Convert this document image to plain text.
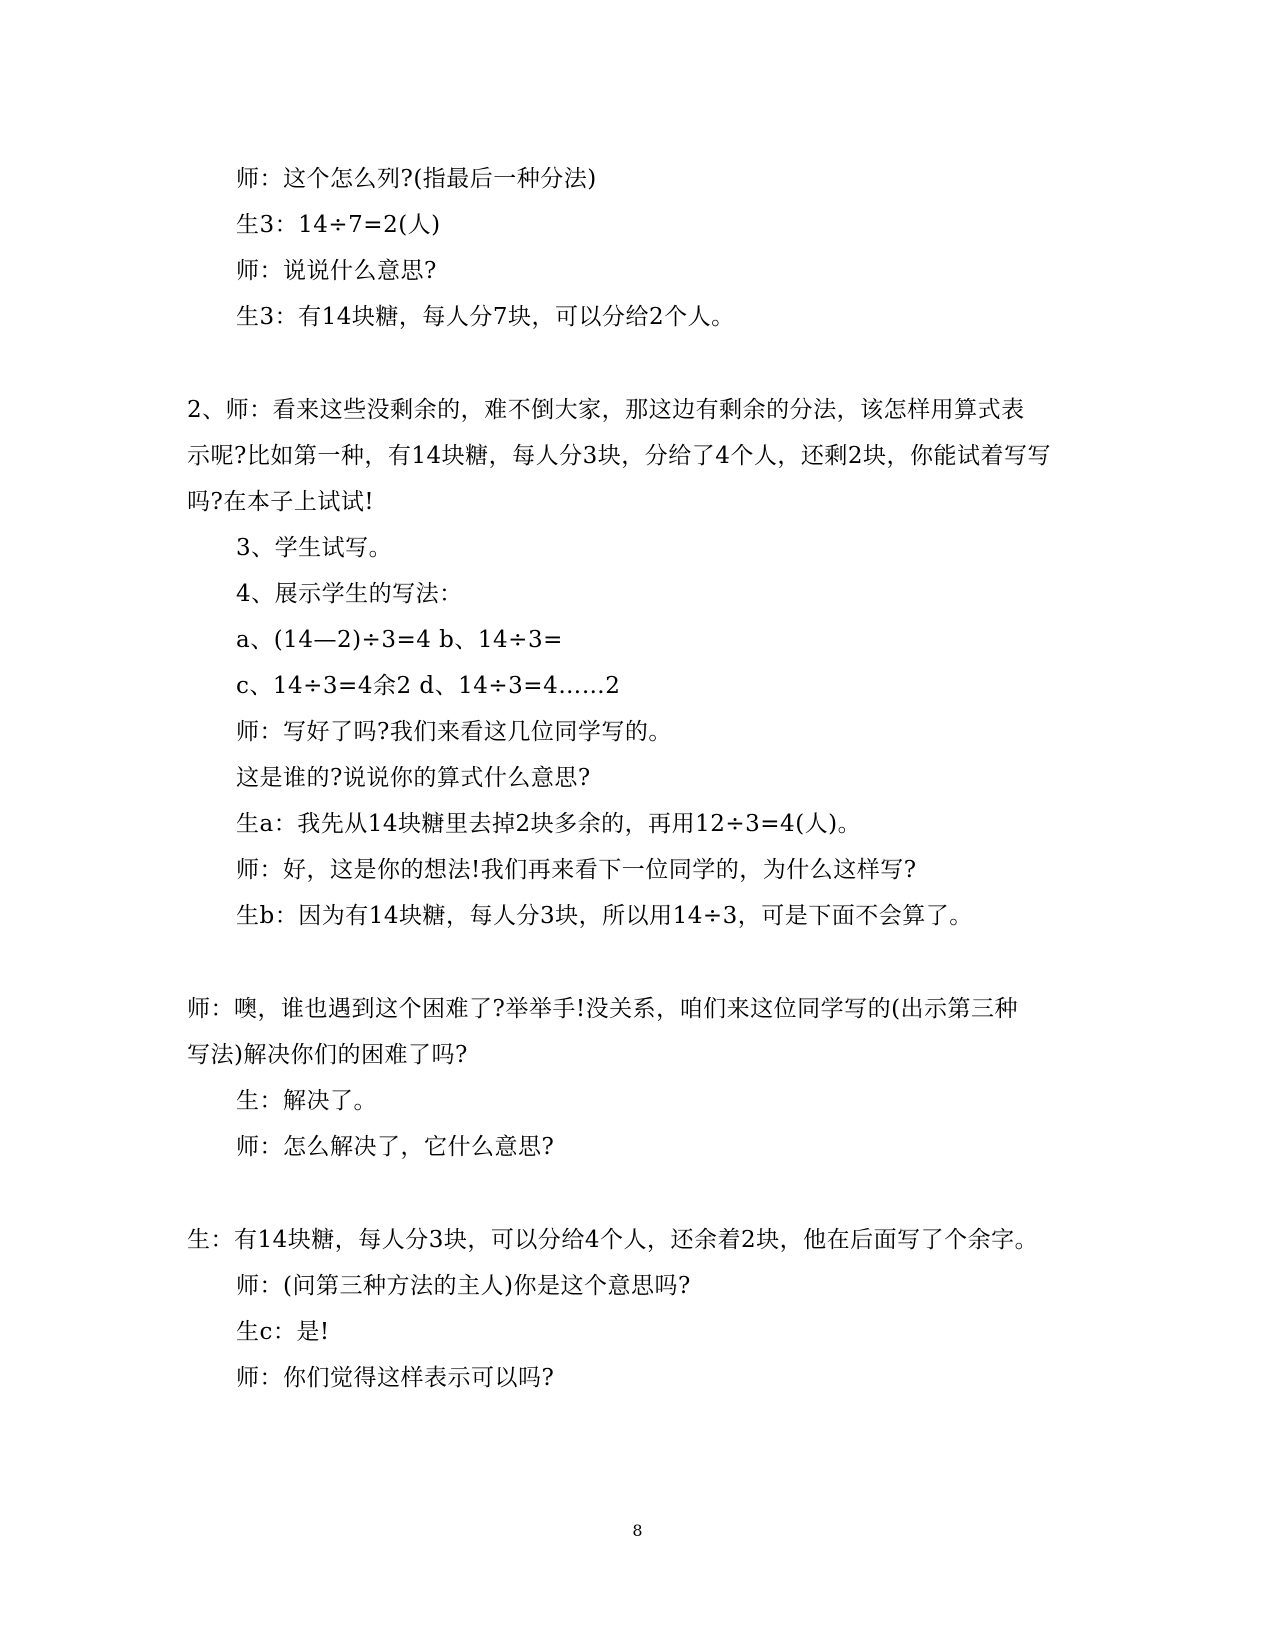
师：这个怎么列?(指最后一种分法)
生3：14÷7=2(人)
师：说说什么意思?
生3：有14块糖，每人分7块，可以分给2个人。
2、师：看来这些没剩余的，难不倒大家，那这边有剩余的分法，该怎样用算式表
示呢?比如第一种，有14块糖，每人分3块，分给了4个人，还剩2块，你能试着写写
吗?在本子上试试!
3、学生试写。
4、展示学生的写法：
a、(14—2)÷3=4 b、14÷3=
c、14÷3=4余2 d、14÷3=4……2
师：写好了吗?我们来看这几位同学写的。
这是谁的?说说你的算式什么意思?
生a：我先从14块糖里去掉2块多余的，再用12÷3=4(人)。
师：好，这是你的想法!我们再来看下一位同学的，为什么这样写?
生b：因为有14块糖，每人分3块，所以用14÷3，可是下面不会算了。
师：噢，谁也遇到这个困难了?举举手!没关系，咱们来这位同学写的(出示第三种
写法)解决你们的困难了吗?
生：解决了。
师：怎么解决了，它什么意思?
生：有14块糖，每人分3块，可以分给4个人，还余着2块，他在后面写了个余字。
师：(问第三种方法的主人)你是这个意思吗?
生c：是!
师：你们觉得这样表示可以吗?
8
